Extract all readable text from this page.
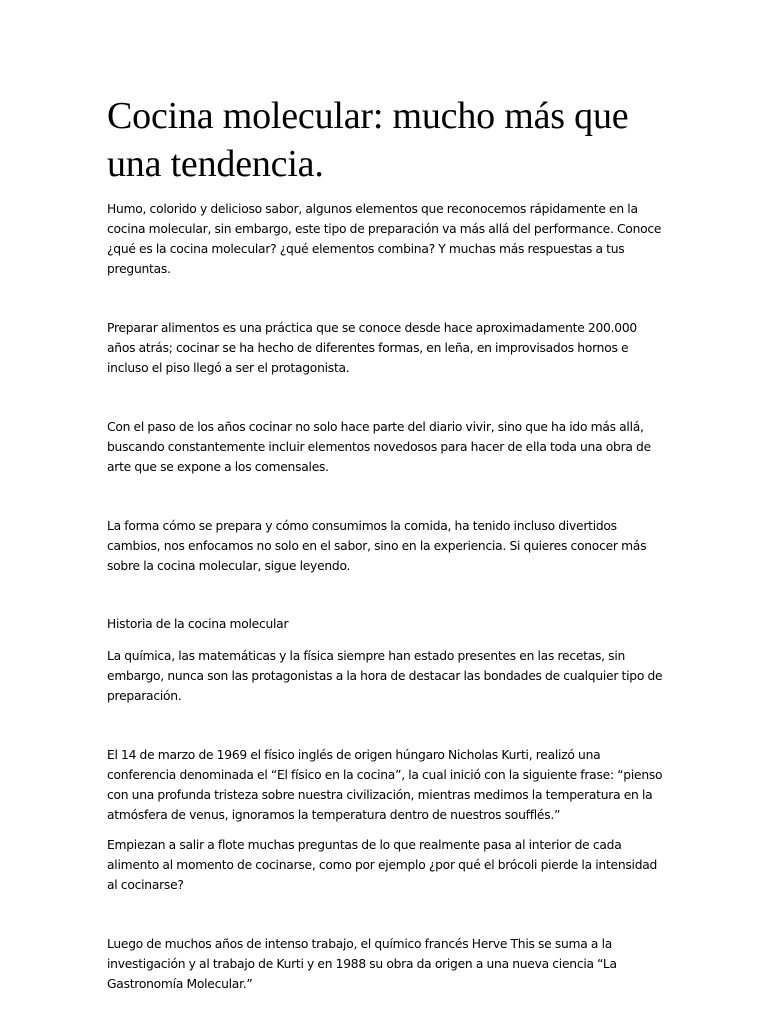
Cocina molecular: mucho más que
una tendencia.

Humo, colorido y delicioso sabor, algunos elementos que reconocemos rápidamente en la cocina molecular, sin embargo, este tipo de preparación va más allá del performance. Conoce ¿qué es la cocina molecular? ¿qué elementos combina? Y muchas más respuestas a tus preguntas.

Preparar alimentos es una práctica que se conoce desde hace aproximadamente 200.000 años atrás; cocinar se ha hecho de diferentes formas, en leña, en improvisados hornos e incluso el piso llegó a ser el protagonista.

Con el paso de los años cocinar no solo hace parte del diario vivir, sino que ha ido más allá, buscando constantemente incluir elementos novedosos para hacer de ella toda una obra de arte que se expone a los comensales.

La forma cómo se prepara y cómo consumimos la comida, ha tenido incluso divertidos cambios, nos enfocamos no solo en el sabor, sino en la experiencia. Si quieres conocer más sobre la cocina molecular, sigue leyendo.

Historia de la cocina molecular

La química, las matemáticas y la física siempre han estado presentes en las recetas, sin embargo, nunca son las protagonistas a la hora de destacar las bondades de cualquier tipo de preparación.

El 14 de marzo de 1969 el físico inglés de origen húngaro Nicholas Kurti, realizó una conferencia denominada el “El físico en la cocina”, la cual inició con la siguiente frase: “pienso con una profunda tristeza sobre nuestra civilización, mientras medimos la temperatura en la atmósfera de venus, ignoramos la temperatura dentro de nuestros soufflés.”

Empiezan a salir a flote muchas preguntas de lo que realmente pasa al interior de cada alimento al momento de cocinarse, como por ejemplo ¿por qué el brócoli pierde la intensidad al cocinarse?

Luego de muchos años de intenso trabajo, el químico francés Herve This se suma a la investigación y al trabajo de Kurti y en 1988 su obra da origen a una nueva ciencia “La Gastronomía Molecular.”
